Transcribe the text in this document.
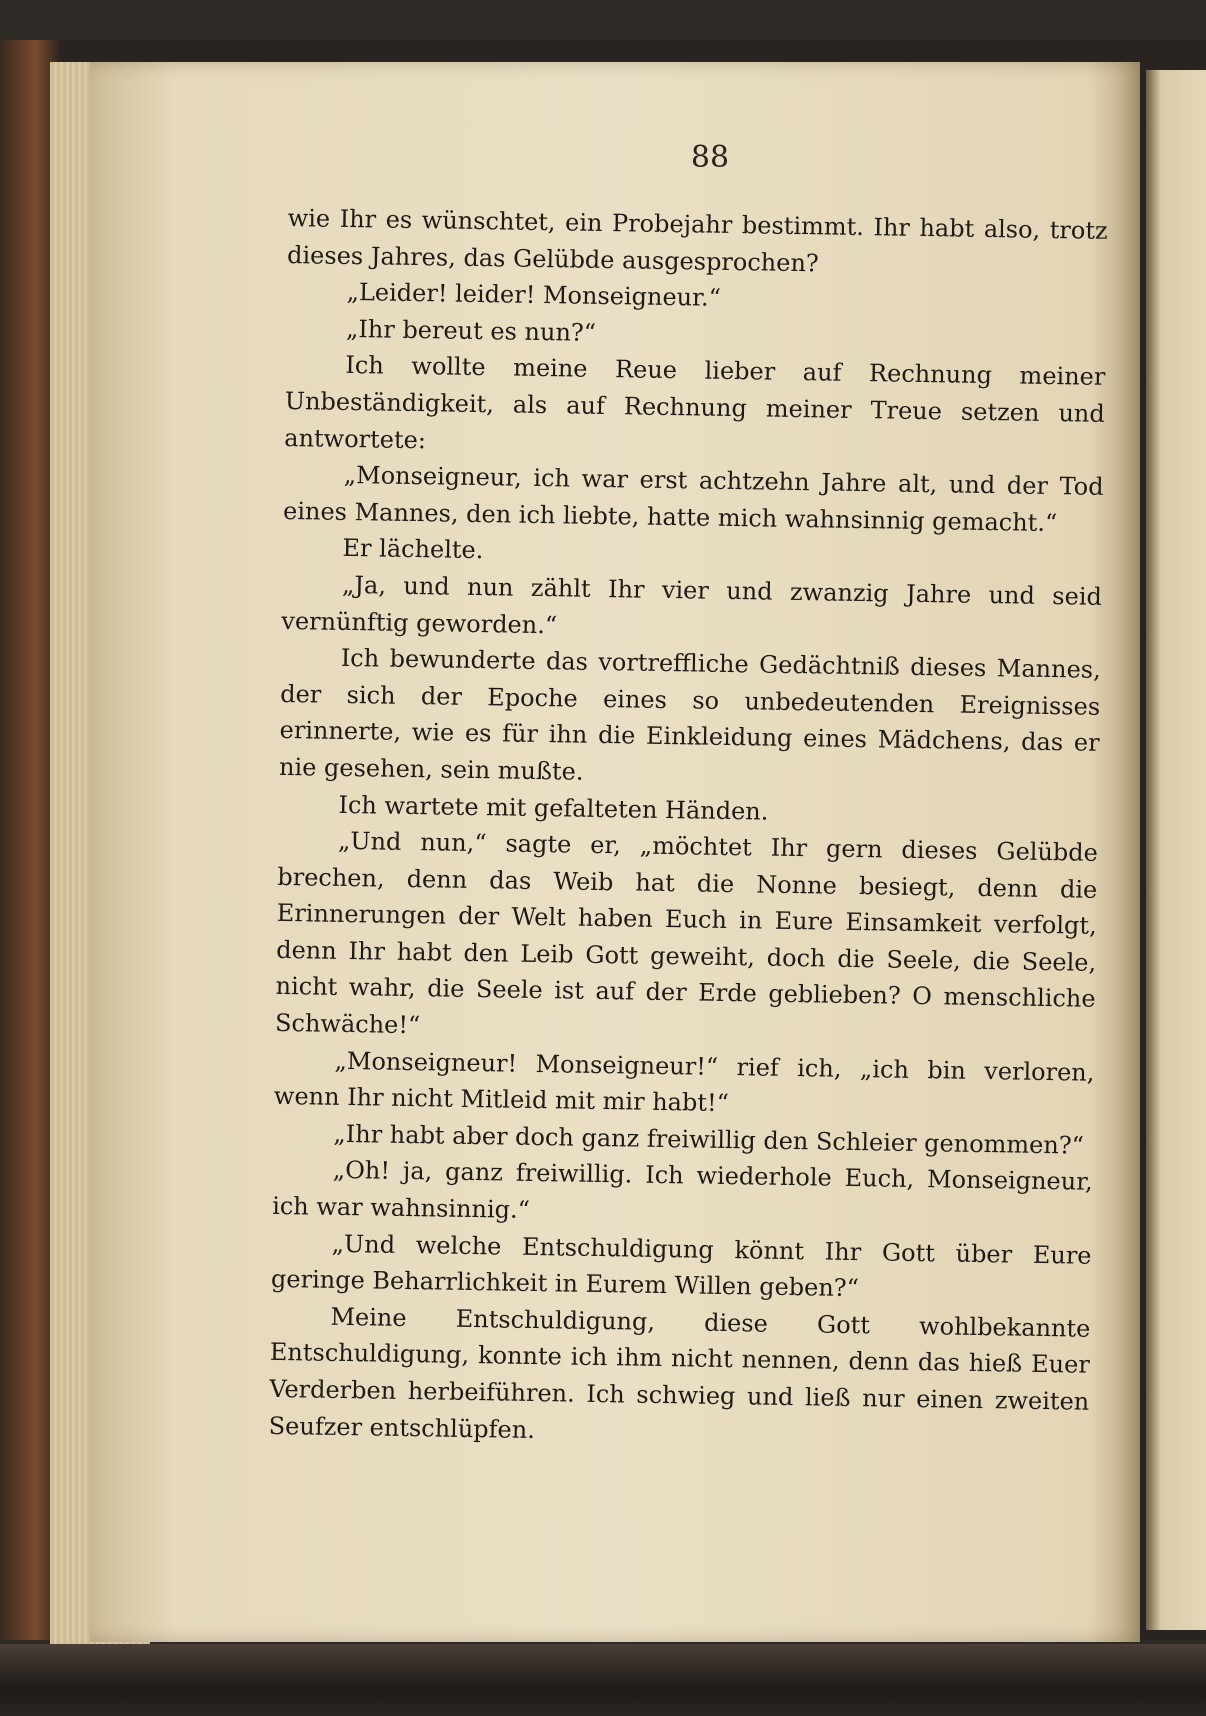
88

wie Ihr es wünschtet, ein Probejahr bestimmt. Ihr habt also, trotz dieses Jahres, das Gelübde ausgesprochen?

„Leider! leider! Monseigneur.“

„Ihr bereut es nun?“

Ich wollte meine Reue lieber auf Rechnung meiner Unbeständigkeit, als auf Rechnung meiner Treue setzen und antwortete:

„Monseigneur, ich war erst achtzehn Jahre alt, und der Tod eines Mannes, den ich liebte, hatte mich wahnsinnig gemacht.“

Er lächelte.

„Ja, und nun zählt Ihr vier und zwanzig Jahre und seid vernünftig geworden.“

Ich bewunderte das vortreffliche Gedächtniß dieses Mannes, der sich der Epoche eines so unbedeutenden Ereignisses erinnerte, wie es für ihn die Einkleidung eines Mädchens, das er nie gesehen, sein mußte.

Ich wartete mit gefalteten Händen.

„Und nun,“ sagte er, „möchtet Ihr gern dieses Gelübde brechen, denn das Weib hat die Nonne besiegt, denn die Erinnerungen der Welt haben Euch in Eure Einsamkeit verfolgt, denn Ihr habt den Leib Gott geweiht, doch die Seele, die Seele, nicht wahr, die Seele ist auf der Erde geblieben? O menschliche Schwäche!“

„Monseigneur! Monseigneur!“ rief ich, „ich bin verloren, wenn Ihr nicht Mitleid mit mir habt!“

„Ihr habt aber doch ganz freiwillig den Schleier genommen?“

„Oh! ja, ganz freiwillig. Ich wiederhole Euch, Monseigneur, ich war wahnsinnig.“

„Und welche Entschuldigung könnt Ihr Gott über Eure geringe Beharrlichkeit in Eurem Willen geben?“

Meine Entschuldigung, diese Gott wohlbekannte Entschuldigung, konnte ich ihm nicht nennen, denn das hieß Euer Verderben herbeiführen. Ich schwieg und ließ nur einen zweiten Seufzer entschlüpfen.
